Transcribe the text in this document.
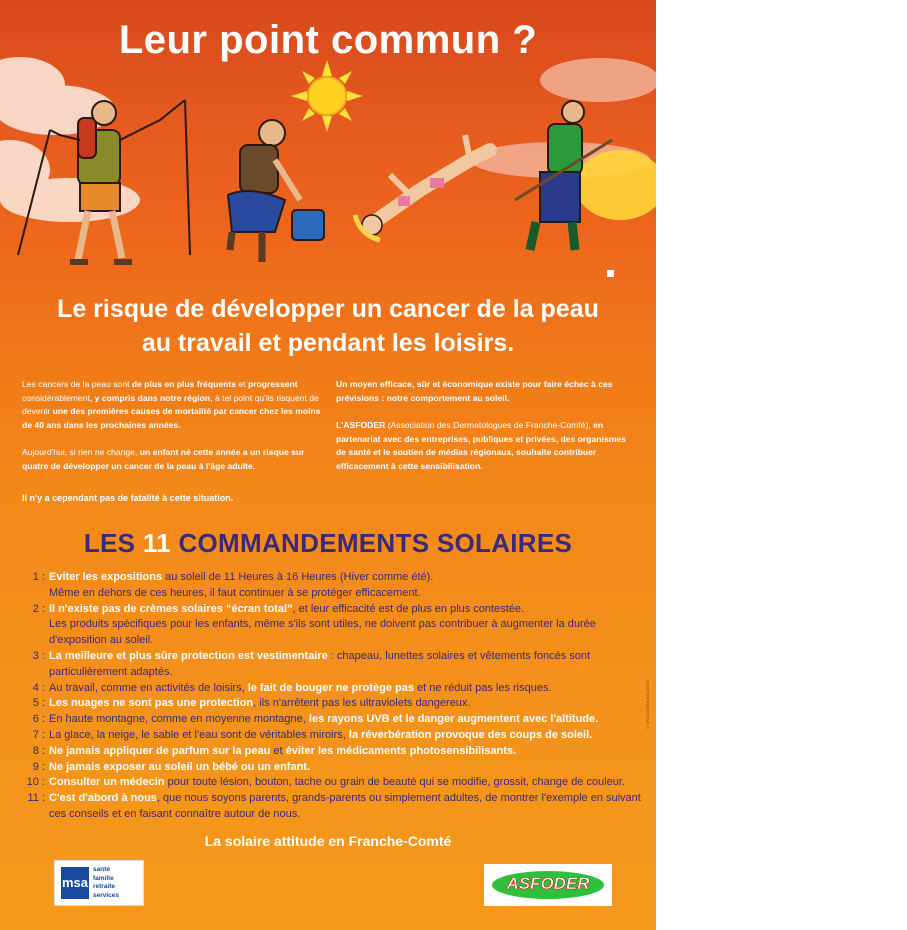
Leur point commun ?
Le risque de développer un cancer de la peau
au travail et pendant les loisirs.

Les cancers de la peau sont de plus en plus fréquents et progressent considérablement, y compris dans notre région, à tel point qu'ils risquent de devenir une des premières causes de mortalité par cancer chez les moins de 40 ans dans les prochaines années.

Aujourd'hui, si rien ne change, un enfant né cette année a un risque sur quatre de développer un cancer de la peau à l'âge adulte.

Un moyen efficace, sûr et économique existe pour faire échec à ces prévisions : notre comportement au soleil.

L'ASFODER (Association des Dermatologues de Franche-Comté), en partenariat avec des entreprises, publiques et privées, des organismes de santé et le soutien de médias régionaux, souhaite contribuer efficacement à cette sensibilisation.

Il n'y a cependant pas de fatalité à cette situation.
LES 11 COMMANDEMENTS SOLAIRES
1 : Eviter les expositions au soleil de 11 Heures à 16 Heures (Hiver comme été).
Même en dehors de ces heures, il faut continuer à se protéger efficacement.
2 : Il n'existe pas de crèmes solaires “écran total”, et leur efficacité est de plus en plus contestée.
Les produits spécifiques pour les enfants, même s'ils sont utiles, ne doivent pas contribuer à augmenter la durée d'exposition au soleil.
3 : La meilleure et plus sûre protection est vestimentaire : chapeau, lunettes solaires et vêtements foncés sont particulièrement adaptés.
4 : Au travail, comme en activités de loisirs, le fait de bouger ne protège pas et ne réduit pas les risques.
5 : Les nuages ne sont pas une protection, ils n'arrêtent pas les ultraviolets dangereux.
6 : En haute montagne, comme en moyenne montagne, les rayons UVB et le danger augmentent avec l'altitude.
7 : La glace, la neige, le sable et l'eau sont de véritables miroirs, la réverbération provoque des coups de soleil.
8 : Ne jamais appliquer de parfum sur la peau et éviter les médicaments photosensibilisants.
9 : Ne jamais exposer au soleil un bébé ou un enfant.
10 : Consulter un médecin pour toute lésion, bouton, tache ou grain de beauté qui se modifie, grossit, change de couleur.
11 : C'est d'abord à nous, que nous soyons parents, grands-parents ou simplement adultes, de montrer l'exemple en suivant ces conseils et en faisant connaître autour de nous.
La solaire attitude en Franche-Comté
msa
santé
famille
retraite
services
ASFODER
© MSA COMMUNICATION
